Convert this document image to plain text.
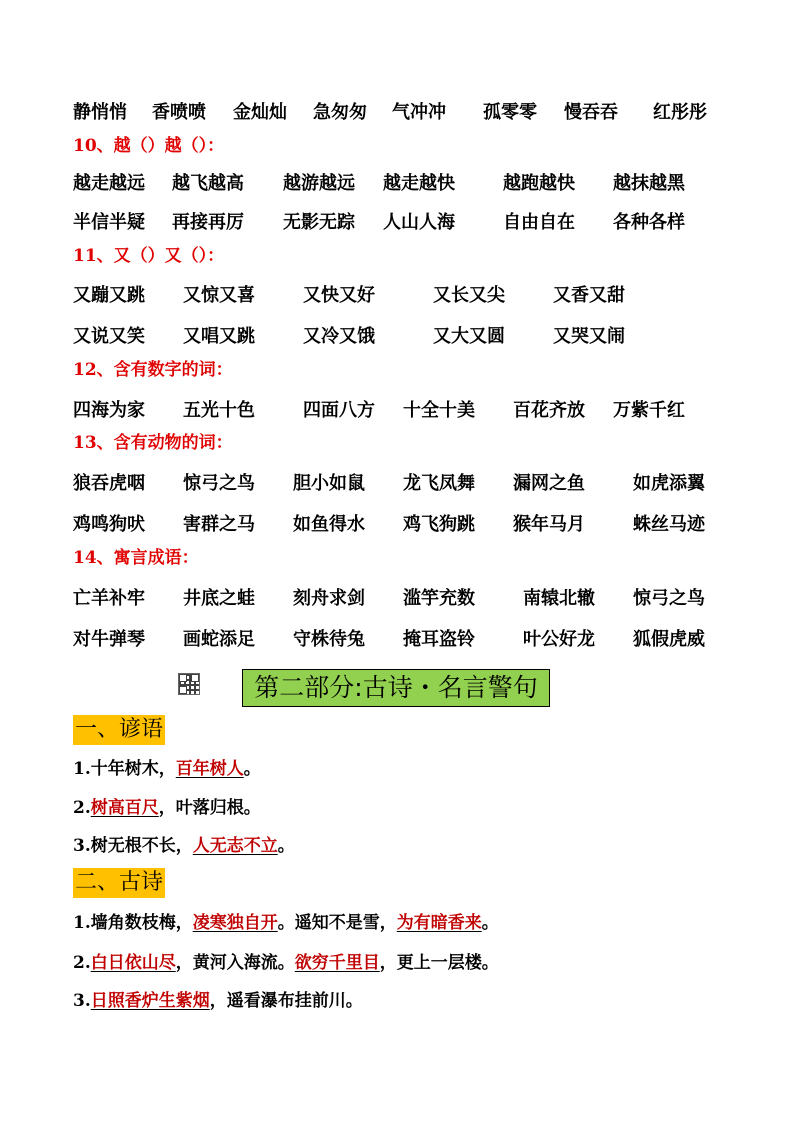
静悄悄 香喷喷 金灿灿 急匆匆 气冲冲 孤零零 慢吞吞 红彤彤
10、越（）越（）：
越走越远 越飞越高 越游越远 越走越快	越跑越快 越抹越黑
半信半疑 再接再厉 无影无踪 人山人海	自由自在 各种各样
11、又（）又（）：
又蹦又跳 又惊又喜	又快又好	又长又尖	又香又甜
又说又笑 又唱又跳	又冷又饿	又大又圆	又哭又闹
12、含有数字的词：
四海为家 五光十色	四面八方 十全十美 百花齐放 万紫千红
13、含有动物的词：
狼吞虎咽 惊弓之鸟 胆小如鼠 龙飞凤舞 漏网之鱼	如虎添翼
鸡鸣狗吠 害群之马 如鱼得水 鸡飞狗跳 猴年马月	蛛丝马迹
14、寓言成语：
亡羊补牢 井底之蛙 刻舟求剑 滥竽充数	南辕北辙 惊弓之鸟
对牛弹琴 画蛇添足 守株待兔 掩耳盗铃	叶公好龙 狐假虎威
第二部分:古诗・名言警句
一、谚语
1.十年树木，百年树人。
2.树高百尺，叶落归根。
3.树无根不长，人无志不立。
二、古诗
1.墙角数枝梅，凌寒独自开。遥知不是雪，为有暗香来。
2.白日依山尽，黄河入海流。欲穷千里目，更上一层楼。
3.日照香炉生紫烟，遥看瀑布挂前川。
